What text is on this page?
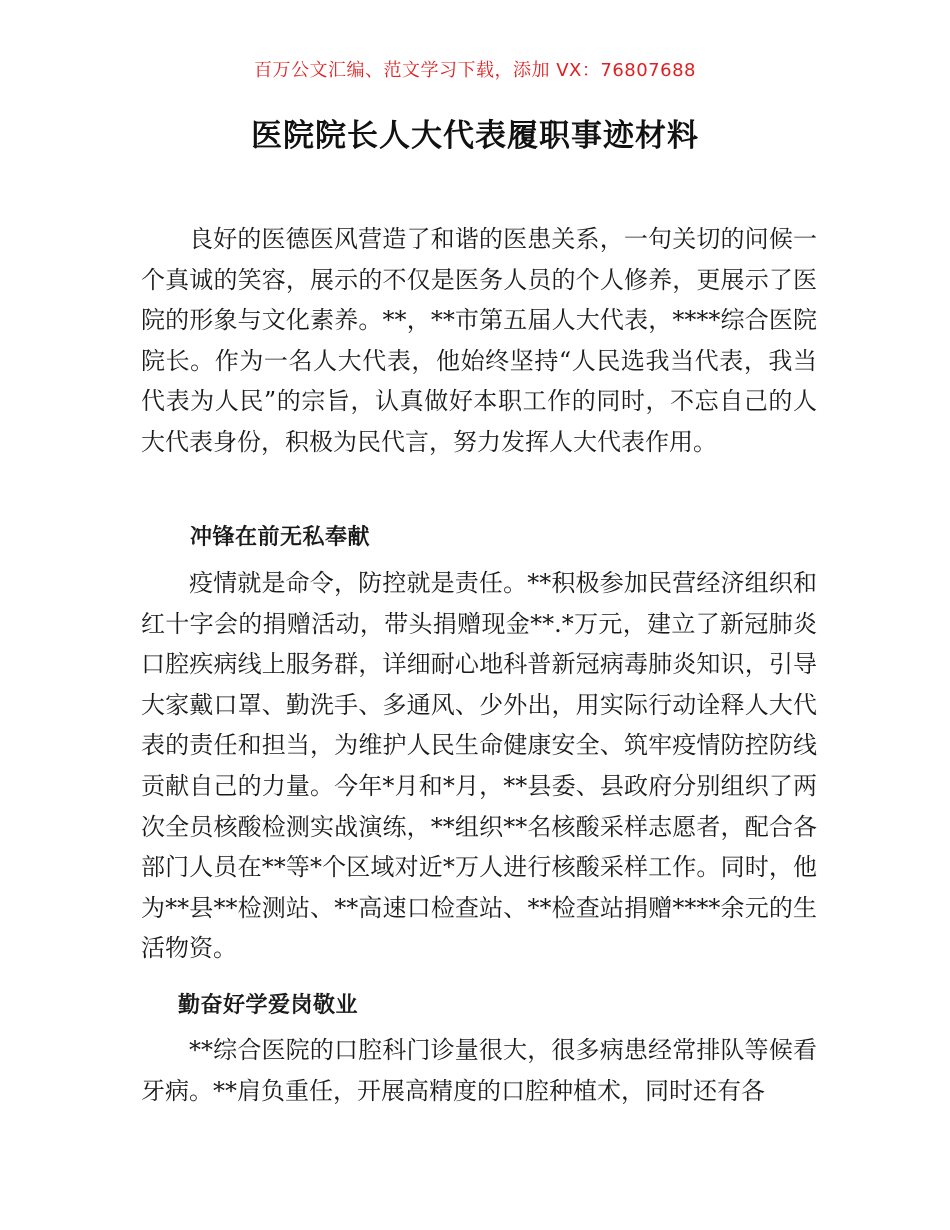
百万公文汇编、范文学习下载，添加 VX：76807688
医院院长人大代表履职事迹材料

良好的医德医风营造了和谐的医患关系，一句关切的问候一个真诚的笑容，展示的不仅是医务人员的个人修养，更展示了医院的形象与文化素养。**，**市第五届人大代表，****综合医院院长。作为一名人大代表，他始终坚持“人民选我当代表，我当代表为人民”的宗旨，认真做好本职工作的同时，不忘自己的人大代表身份，积极为民代言，努力发挥人大代表作用。

冲锋在前无私奉献

疫情就是命令，防控就是责任。**积极参加民营经济组织和红十字会的捐赠活动，带头捐赠现金**.*万元，建立了新冠肺炎口腔疾病线上服务群，详细耐心地科普新冠病毒肺炎知识，引导大家戴口罩、勤洗手、多通风、少外出，用实际行动诠释人大代表的责任和担当，为维护人民生命健康安全、筑牢疫情防控防线贡献自己的力量。今年*月和*月，**县委、县政府分别组织了两次全员核酸检测实战演练，**组织**名核酸采样志愿者，配合各部门人员在**等*个区域对近*万人进行核酸采样工作。同时，他为**县**检测站、**高速口检查站、**检查站捐赠****余元的生活物资。

勤奋好学爱岗敬业

**综合医院的口腔科门诊量很大，很多病患经常排队等候看牙病。**肩负重任，开展高精度的口腔种植术，同时还有各
